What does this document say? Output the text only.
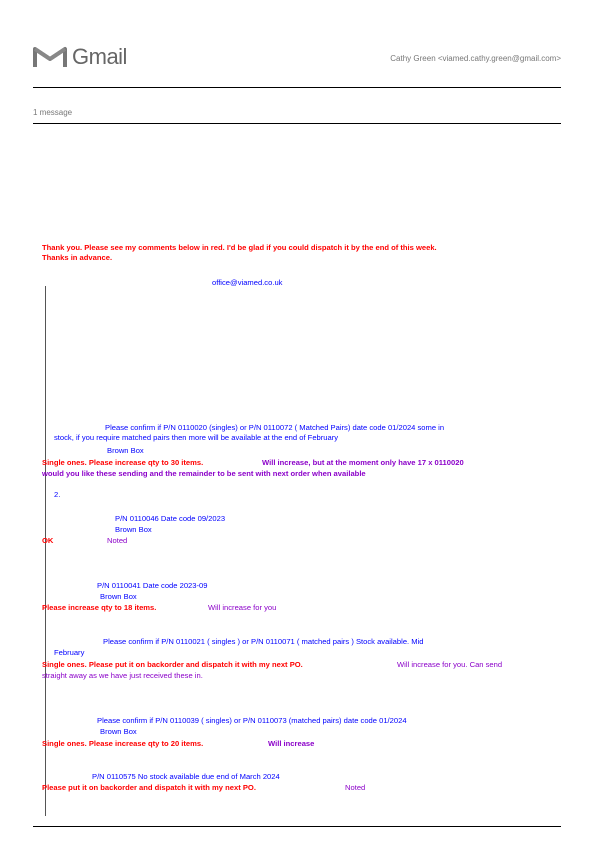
Gmail	Cathy Green <viamed.cathy.green@gmail.com>
1 message
Thank you. Please see my comments below in red. I'd be glad if you could dispatch it by the end of this week.
Thanks in advance.
office@viamed.co.uk
Please confirm if P/N 0110020 (singles) or P/N 0110072 ( Matched Pairs) date code 01/2024 some in
stock, if you require matched pairs then more will be available at the end of February
Brown Box
Single ones. Please increase qty to 30 items.	Will increase, but at the moment only have 17 x 0110020
would you like these sending and the remainder to be sent with next order when available
2.
P/N 0110046 Date code 09/2023
Brown Box
OK	Noted
P/N 0110041 Date code 2023-09
Brown Box
Please increase qty to 18 items.	Will increase for you
Please confirm if P/N 0110021 ( singles ) or P/N 0110071 ( matched pairs ) Stock available. Mid
February
Single ones. Please put it on backorder and dispatch it with my next PO.	Will increase for you. Can send
straight away as we have just received these in.
Please confirm if P/N 0110039 ( singles) or P/N 0110073 (matched pairs) date code 01/2024
Brown Box
Single ones. Please increase qty to 20 items.	Will increase
P/N 0110575 No stock available due end of March 2024
Please put it on backorder and dispatch it with my next PO.	Noted
